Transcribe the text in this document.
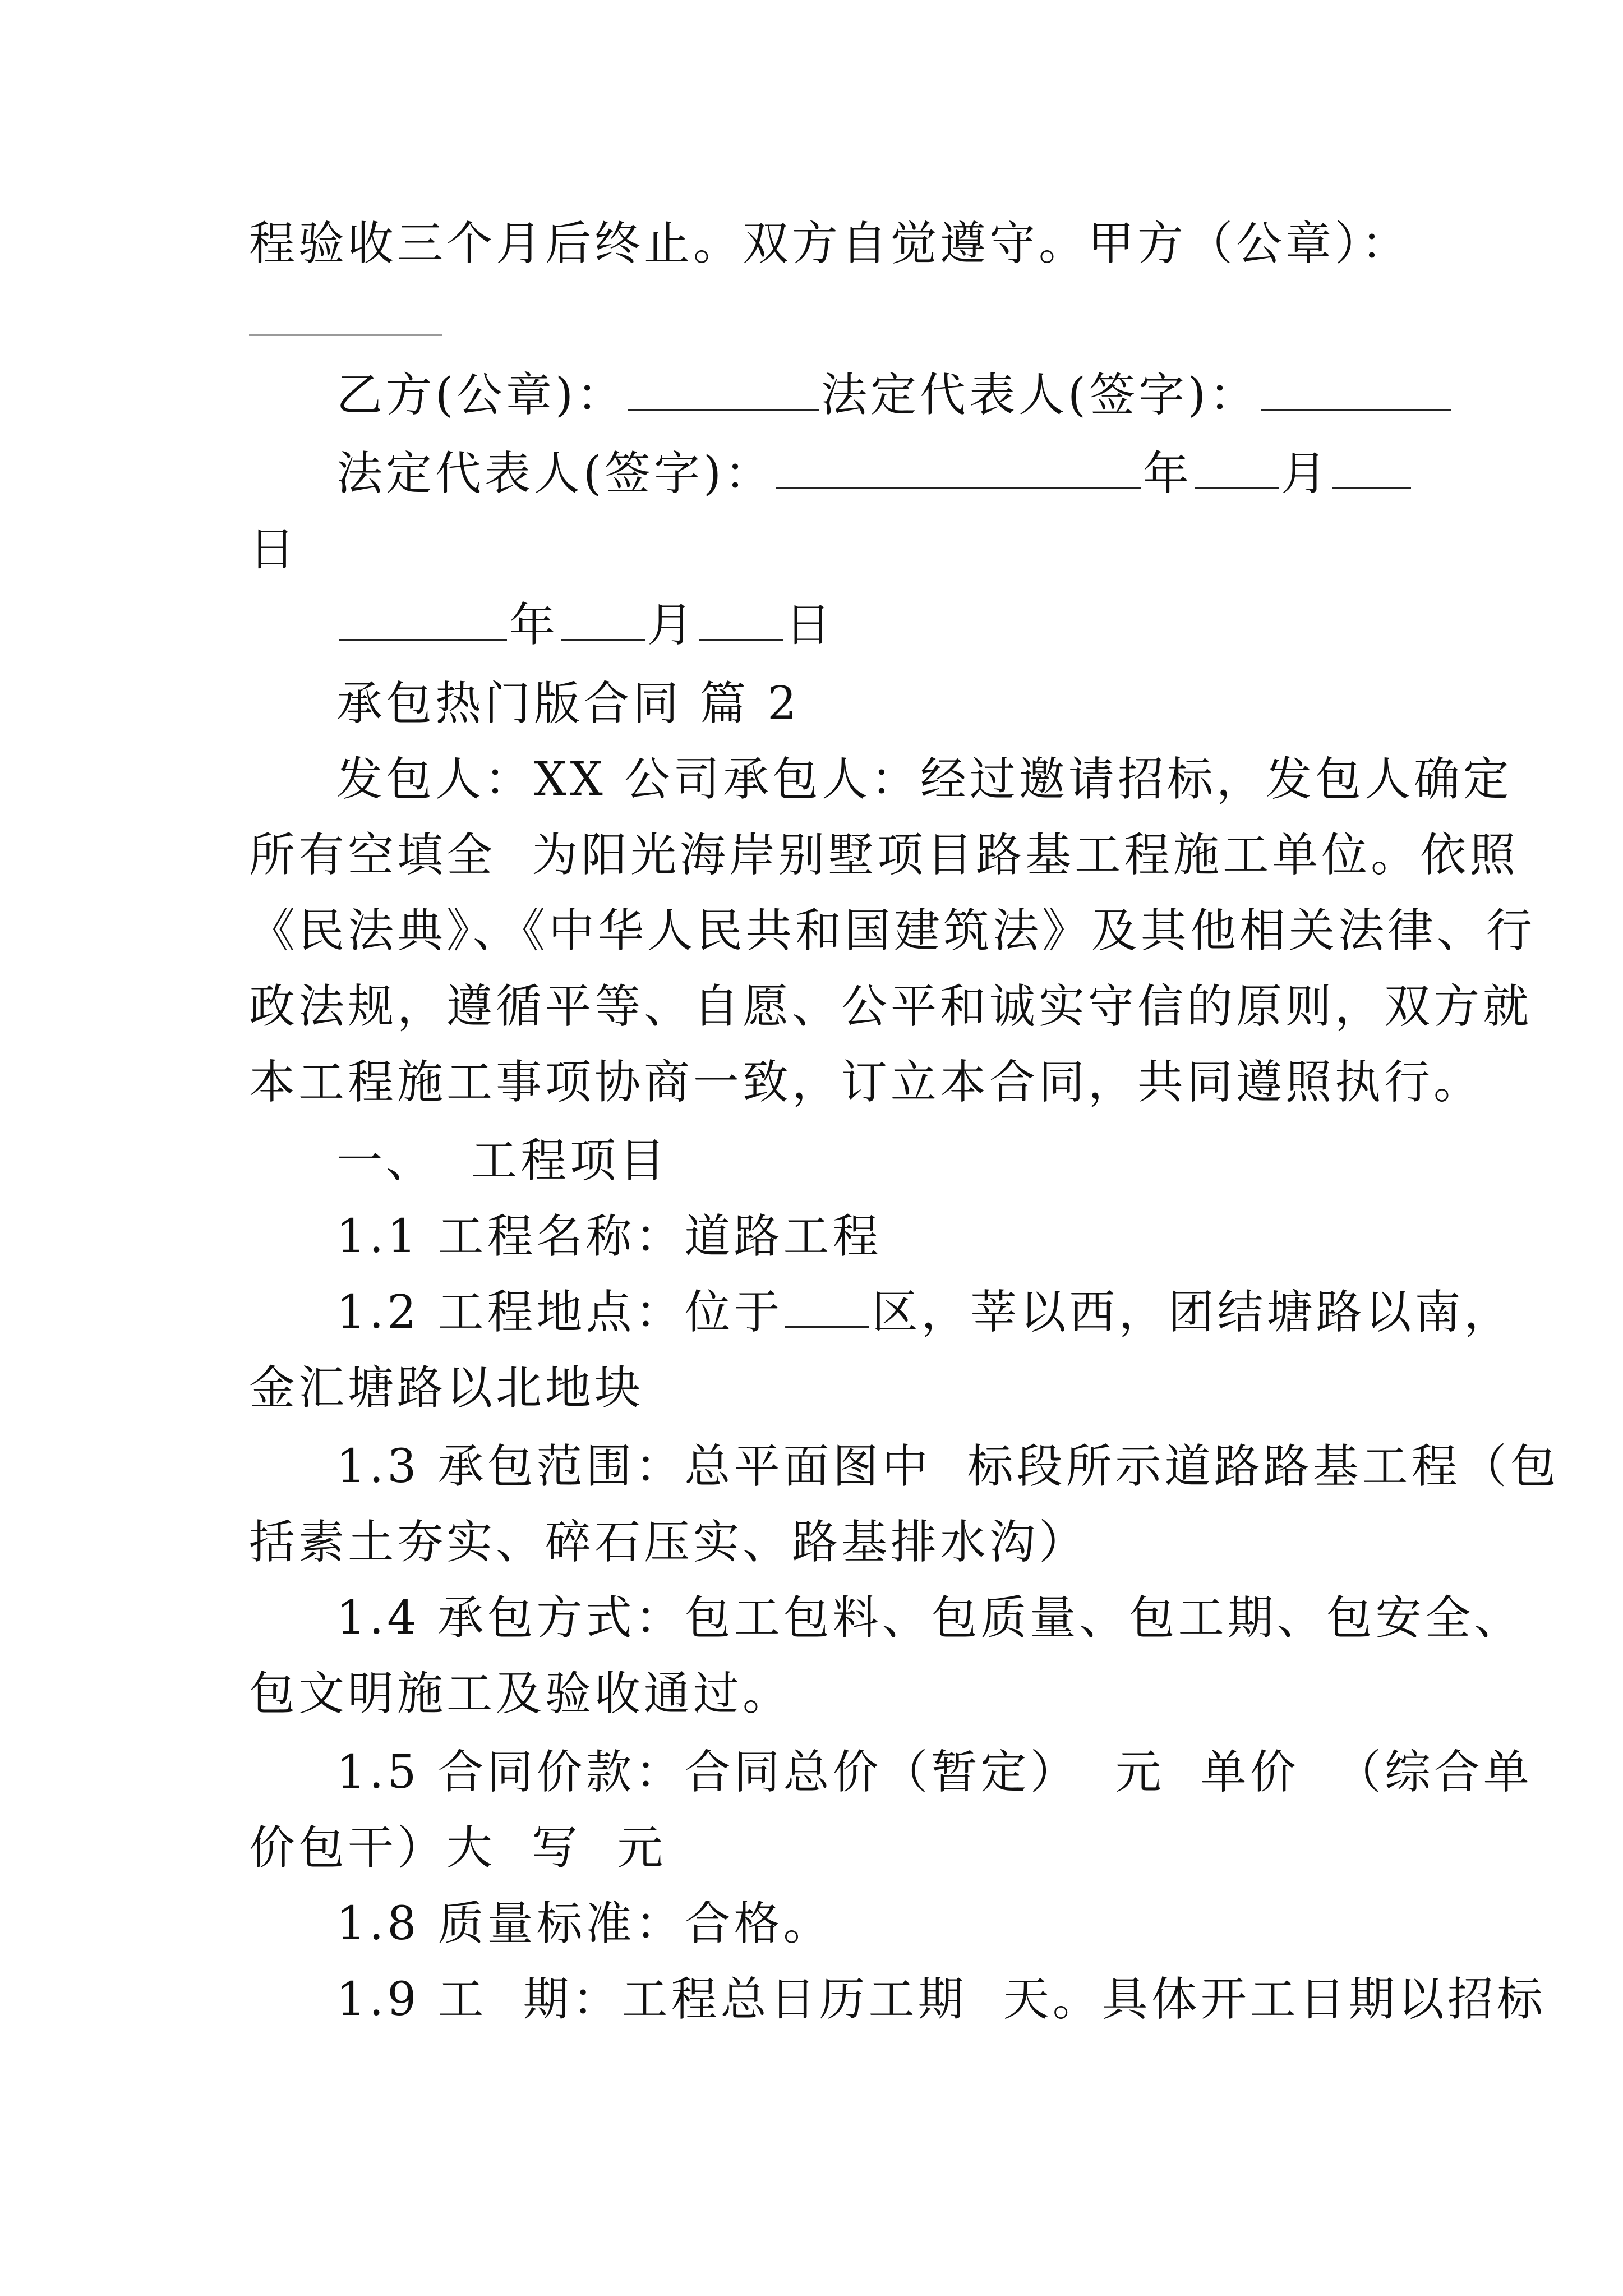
程验收三个月后终止。双方自觉遵守。甲方（公章）：
乙方(公章)：	法定代表人(签字)：
法定代表人(签字)：	年 月
日
年 月 日
承包热门版合同 篇 2
发包人：XX 公司承包人：经过邀请招标，发包人确定
所有空填全  为阳光海岸别墅项目路基工程施工单位。依照
《民法典》、《中华人民共和国建筑法》及其他相关法律、行
政法规，遵循平等、自愿、公平和诚实守信的原则，双方就
本工程施工事项协商一致，订立本合同，共同遵照执行。
一、  工程项目
1.1 工程名称：道路工程
1.2 工程地点：位于 区，莘以西，团结塘路以南，
金汇塘路以北地块
1.3 承包范围：总平面图中  标段所示道路路基工程（包
括素土夯实、碎石压实、路基排水沟）
1.4 承包方式：包工包料、包质量、包工期、包安全、
包文明施工及验收通过。
1.5 合同价款：合同总价（暂定）  元  单价  （综合单
价包干）大  写  元
1.8 质量标准：合格。
1.9 工  期：工程总日历工期  天。具体开工日期以招标
